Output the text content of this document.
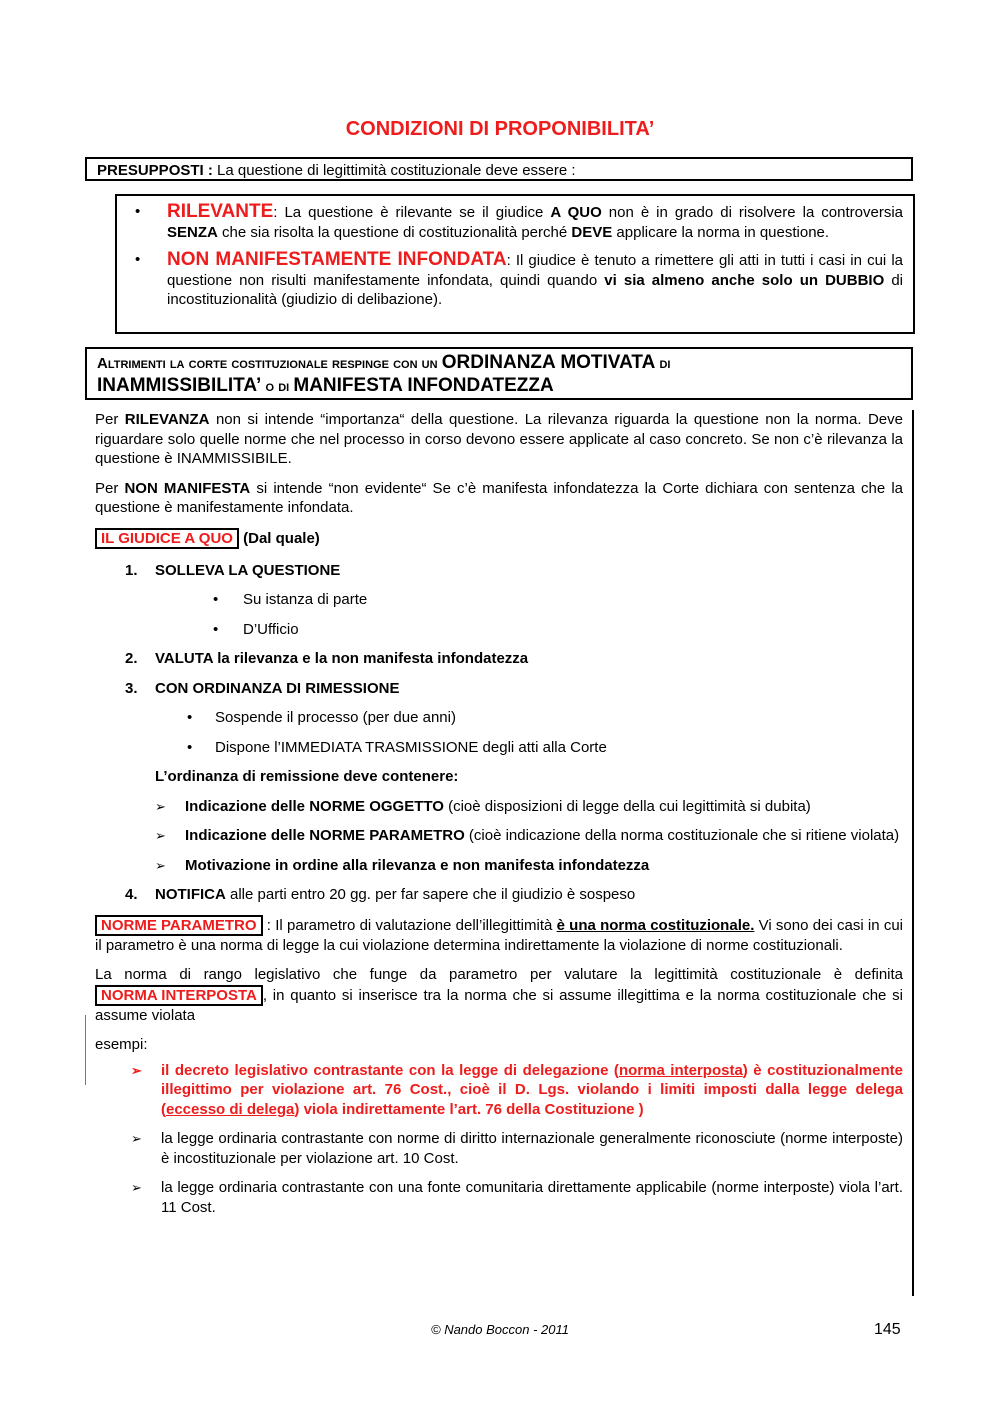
CONDIZIONI DI PROPONIBILITA’
PRESUPPOSTI : La questione di legittimità costituzionale deve essere :
• RILEVANTE: La questione è rilevante se il giudice A QUO non è in grado di risolvere la controversia SENZA che sia risolta la questione di costituzionalità perché DEVE applicare la norma in questione.
• NON MANIFESTAMENTE INFONDATA: Il giudice è tenuto a rimettere gli atti in tutti i casi in cui la questione non risulti manifestamente infondata, quindi quando vi sia almeno anche solo un DUBBIO di incostituzionalità (giudizio di delibazione).
Altrimenti la corte costituzionale respinge con un ORDINANZA MOTIVATA di
INAMMISSIBILITA’ o di MANIFESTA INFONDATEZZA

Per RILEVANZA non si intende “importanza“ della questione. La rilevanza riguarda la questione non la norma. Deve riguardare solo quelle norme che nel processo in corso devono essere applicate al caso concreto. Se non c’è rilevanza la questione è INAMMISSIBILE.

Per NON MANIFESTA si intende “non evidente“ Se c’è manifesta infondatezza la Corte dichiara con sentenza che la questione è manifestamente infondata.

IL GIUDICE A QUO (Dal quale)

1. SOLLEVA LA QUESTIONE
• Su istanza di parte
• D’Ufficio
2. VALUTA la rilevanza e la non manifesta infondatezza
3. CON ORDINANZA DI RIMESSIONE
• Sospende il processo (per due anni)
• Dispone l’IMMEDIATA TRASMISSIONE degli atti alla Corte
L’ordinanza di remissione deve contenere:
➢ Indicazione delle NORME OGGETTO (cioè disposizioni di legge della cui legittimità si dubita)
➢ Indicazione delle NORME PARAMETRO (cioè indicazione della norma costituzionale che si ritiene violata)
➢ Motivazione in ordine alla rilevanza e non manifesta infondatezza
4. NOTIFICA alle parti entro 20 gg. per far sapere che il giudizio è sospeso

NORME PARAMETRO : Il parametro di valutazione dell’illegittimità è una norma costituzionale. Vi sono dei casi in cui il parametro è una norma di legge la cui violazione determina indirettamente la violazione di norme costituzionali.

La norma di rango legislativo che funge da parametro per valutare la legittimità costituzionale è definita NORMA INTERPOSTA , in quanto si inserisce tra la norma che si assume illegittima e la norma costituzionale che si assume violata

esempi:
➢ il decreto legislativo contrastante con la legge di delegazione (norma interposta) è costituzionalmente illegittimo per violazione art. 76 Cost., cioè il D. Lgs. violando i limiti imposti dalla legge delega (eccesso di delega) viola indirettamente l’art. 76 della Costituzione )
➢ la legge ordinaria contrastante con norme di diritto internazionale generalmente riconosciute (norme interposte) è incostituzionale per violazione art. 10 Cost.
➢ la legge ordinaria contrastante con una fonte comunitaria direttamente applicabile (norme interposte) viola l’art. 11 Cost.
© Nando Boccon - 2011	145
